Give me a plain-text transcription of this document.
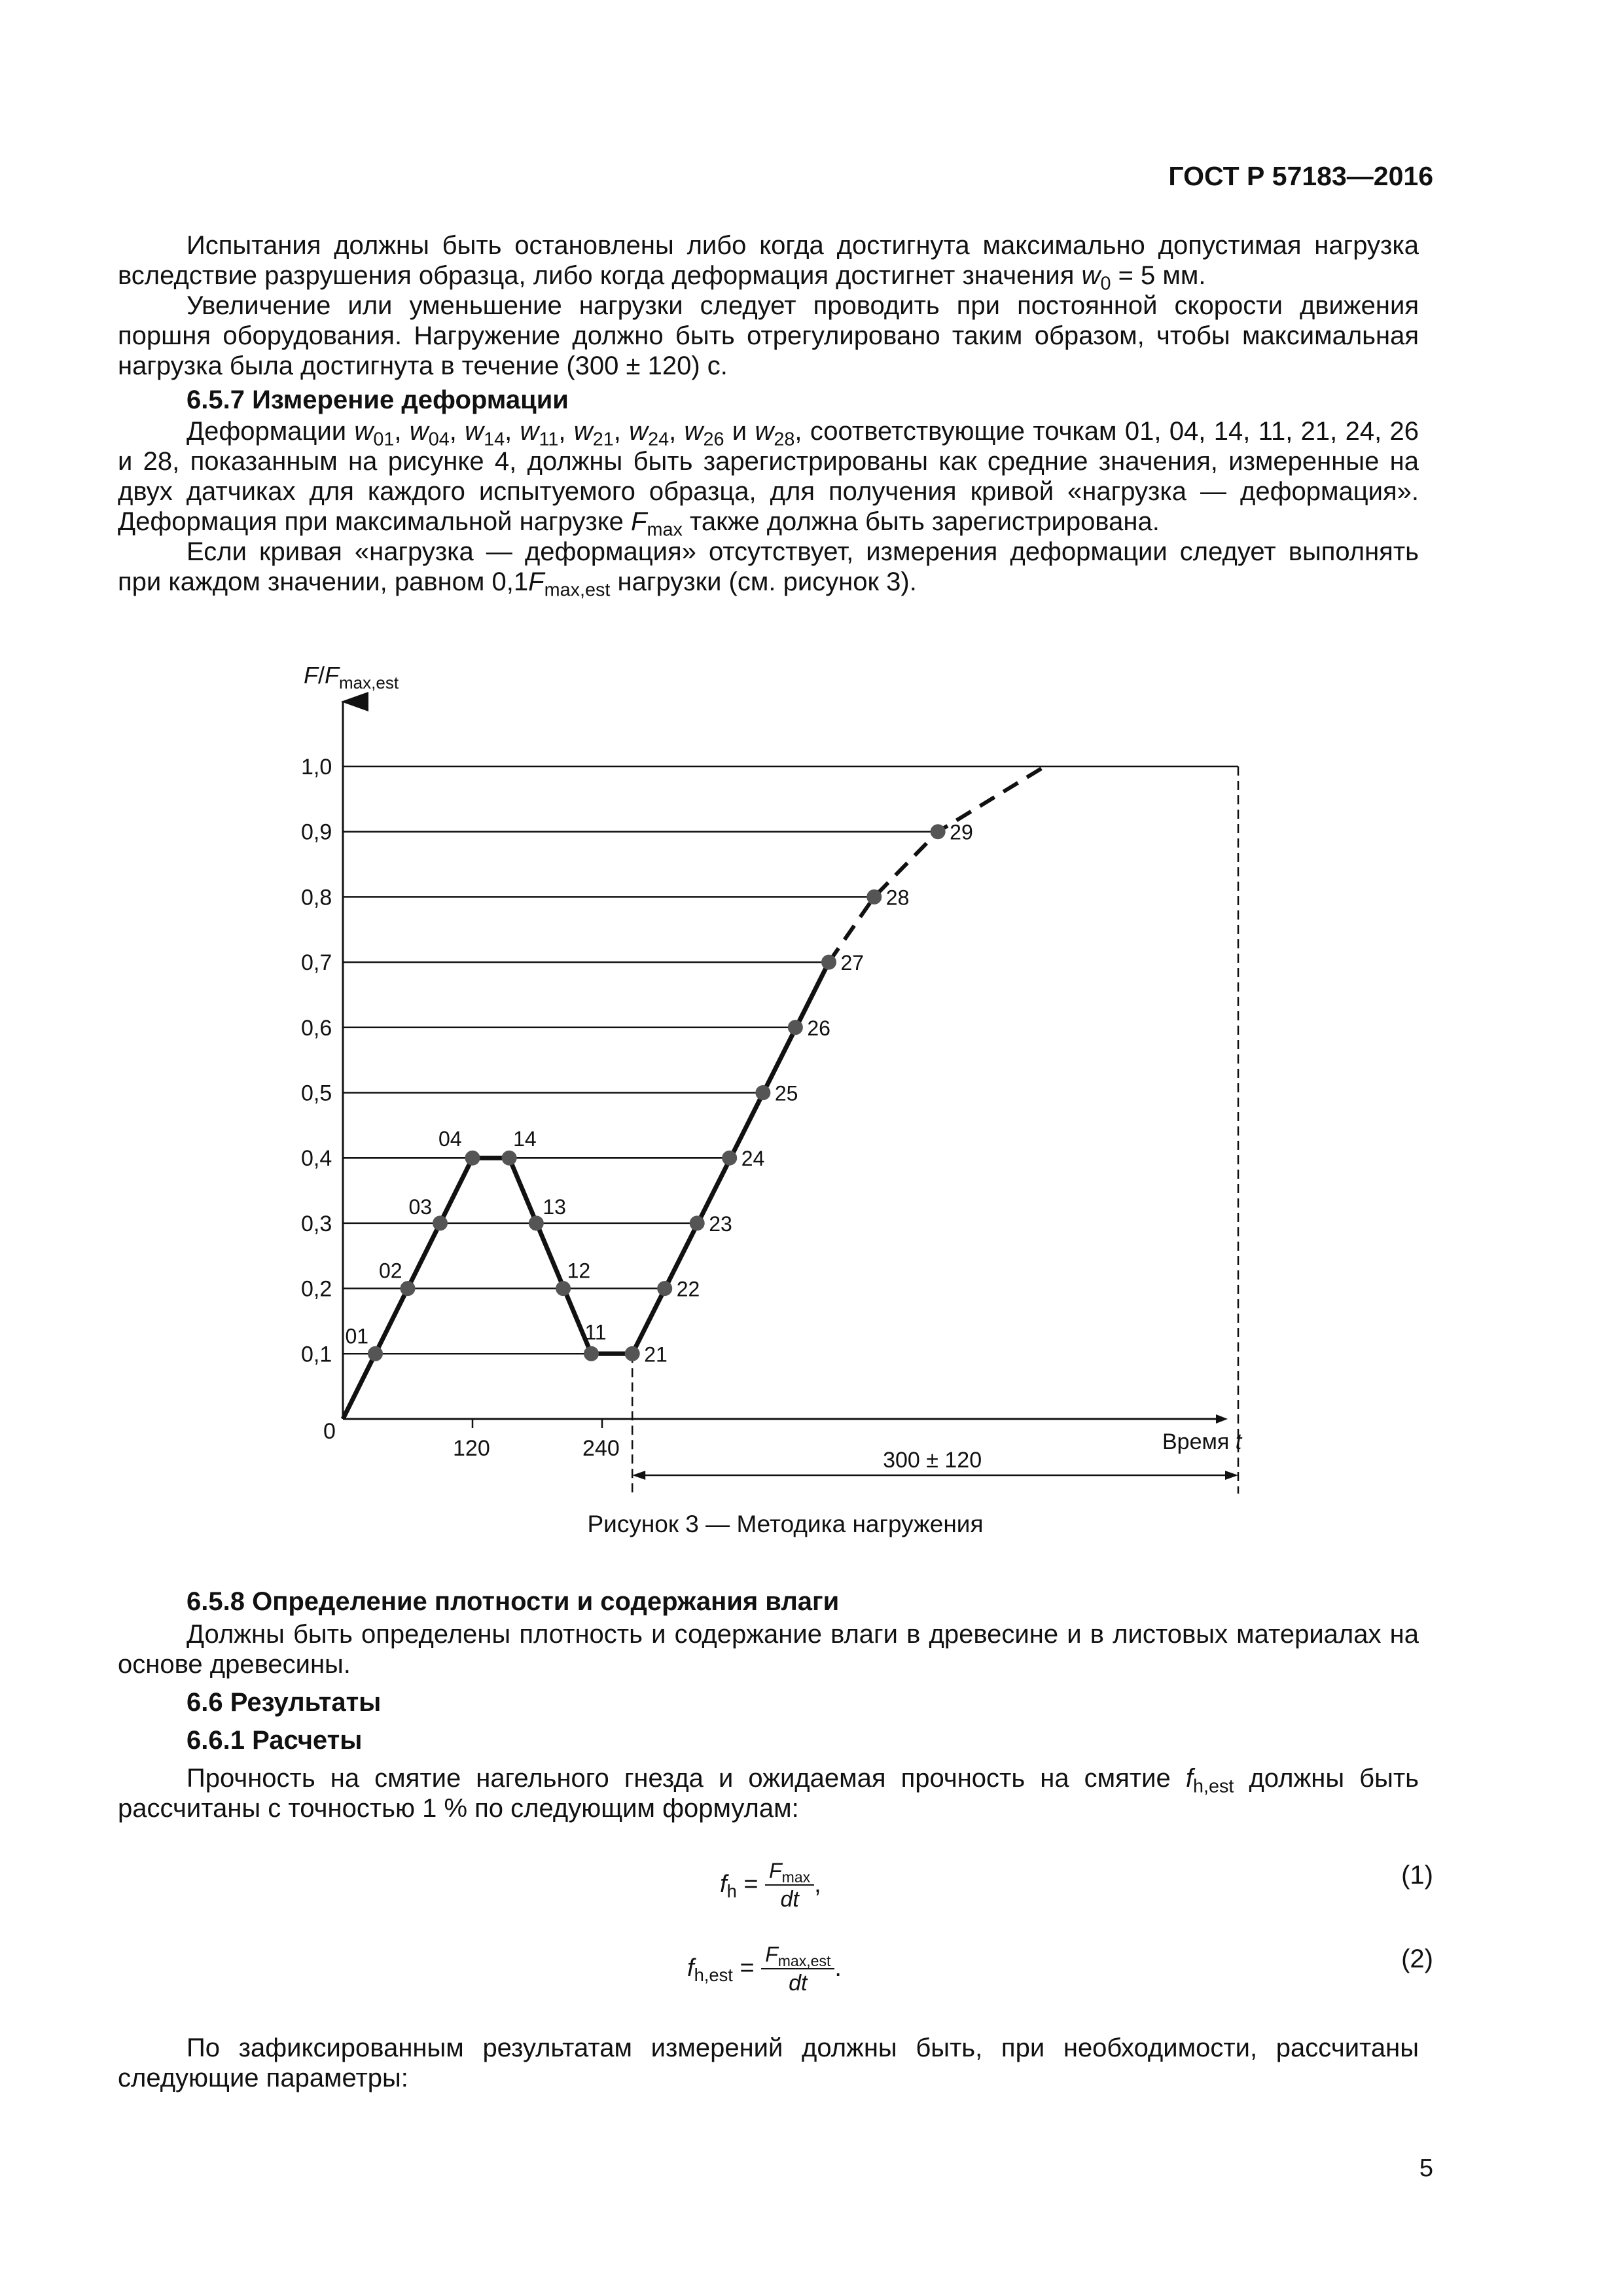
ГОСТ Р 57183—2016

Испытания должны быть остановлены либо когда достигнута максимально допустимая нагрузка вследствие разрушения образца, либо когда деформация достигнет значения $w_0 = 5$ мм.

Увеличение или уменьшение нагрузки следует проводить при постоянной скорости движения поршня оборудования. Нагружение должно быть отрегулировано таким образом, чтобы максимальная нагрузка была достигнута в течение (300 ± 120) с.

6.5.7 Измерение деформации

Деформации $w_{01}$, $w_{04}$, $w_{14}$, $w_{11}$, $w_{21}$, $w_{24}$, $w_{26}$ и $w_{28}$, соответствующие точкам 01, 04, 14, 11, 21, 24, 26 и 28, показанным на рисунке 4, должны быть зарегистрированы как средние значения, измеренные на двух датчиках для каждого испытуемого образца, для получения кривой «нагрузка — деформация». Деформация при максимальной нагрузке $F_{max}$ также должна быть зарегистрирована.

Если кривая «нагрузка — деформация» отсутствует, измерения деформации следует выполнять при каждом значении, равном $0,1F_{max,est}$ нагрузки (см. рисунок 3).

0,1
0,2
0,3
0,4
0,5
0,6
0,7
0,8
0,9
1,0
300 ± 120
120	240
0
$F/F_{max,est}$
Время t
01
02
03
04 14
13
12
11
21
22
23
24
25
26
27
28
29
Рисунок 3 — Методика нагружения

6.5.8 Определение плотности и содержания влаги

Должны быть определены плотность и содержание влаги в древесине и в листовых материалах на основе древесины.

6.6 Результаты

6.6.1 Расчеты

Прочность на смятие нагельного гнезда и ожидаемая прочность на смятие $f_{h,est}$ должны быть рассчитаны с точностью 1 % по следующим формулам:

$f_h = \frac{F_{max}}{dt}$ ,	(1)
$f_{h,est} = \frac{F_{max,est}}{dt}$ .	(2)

По зафиксированным результатам измерений должны быть, при необходимости, рассчитаны следующие параметры:

5
